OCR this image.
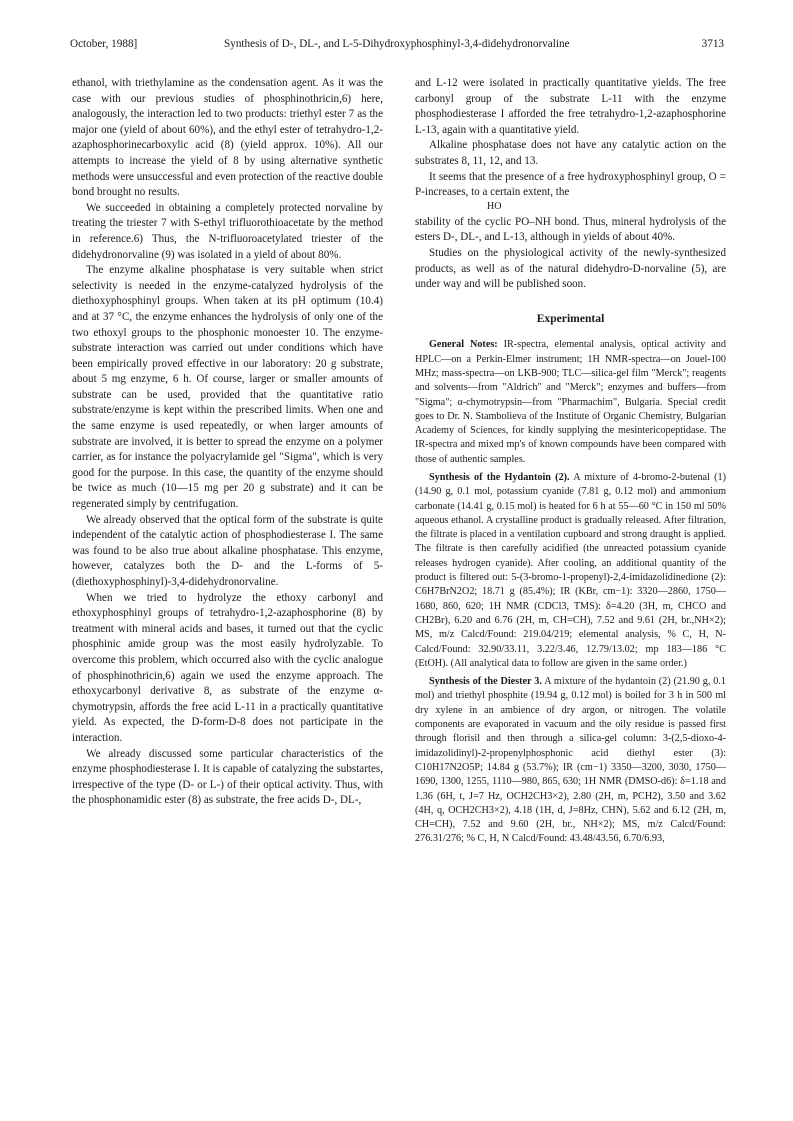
October, 1988]	Synthesis of D-, DL-, and L-5-Dihydroxyphosphinyl-3,4-didehydronorvaline	3713

ethanol, with triethylamine as the condensation agent. As it was the case with our previous studies of phosphinothricin,6) here, analogously, the interaction led to two products: triethyl ester 7 as the major one (yield of about 60%), and the ethyl ester of tetrahydro-1,2-azaphosphorinecarboxylic acid (8) (yield approx. 10%). All our attempts to increase the yield of 8 by using alternative synthetic methods were unsuccessful and even protection of the reactive double bond brought no results.

We succeeded in obtaining a completely protected norvaline by treating the triester 7 with S-ethyl trifluorothioacetate by the method in reference.6) Thus, the N-trifluoroacetylated triester of the didehydronorvaline (9) was isolated in a yield of about 80%.

The enzyme alkaline phosphatase is very suitable when strict selectivity is needed in the enzyme-catalyzed hydrolysis of the diethoxyphosphinyl groups. When taken at its pH optimum (10.4) and at 37 °C, the enzyme enhances the hydrolysis of only one of the two ethoxyl groups to the phosphonic monoester 10. The enzyme-substrate interaction was carried out under conditions which have been empirically proved effective in our laboratory: 20 g substrate, about 5 mg enzyme, 6 h. Of course, larger or smaller amounts of substrate can be used, provided that the quantitative ratio substrate/enzyme is kept within the prescribed limits. When one and the same enzyme is used repeatedly, or when larger amounts of substrate are involved, it is better to spread the enzyme on a polymer carrier, as for instance the polyacrylamide gel "Sigma", which is very good for the purpose. In this case, the quantity of the enzyme should be twice as much (10—15 mg per 20 g substrate) and it can be regenerated simply by centrifugation.

We already observed that the optical form of the substrate is quite independent of the catalytic action of phosphodiesterase I. The same was found to be also true about alkaline phosphatase. This enzyme, however, catalyzes both the D- and the L-forms of 5-(diethoxyphosphinyl)-3,4-didehydronorvaline.

When we tried to hydrolyze the ethoxy carbonyl and ethoxyphosphinyl groups of tetrahydro-1,2-azaphosphorine (8) by treatment with mineral acids and bases, it turned out that the cyclic phosphinic amide group was the most easily hydrolyzable. To overcome this problem, which occurred also with the cyclic analogue of phosphinothricin,6) again we used the enzyme approach. The ethoxycarbonyl derivative 8, as substrate of the enzyme α-chymotrypsin, affords the free acid L-11 in a practically quantitative yield. As expected, the D-form-D-8 does not participate in the interaction.

We already discussed some particular characteristics of the enzyme phosphodiesterase I. It is capable of catalyzing the substartes, irrespective of the type (D- or L-) of their optical activity. Thus, with the phosphonamidic ester (8) as substrate, the free acids D-, DL-,

and L-12 were isolated in practically quantitative yields. The free carbonyl group of the substrate L-11 with the enzyme phosphodiesterase I afforded the free tetrahydro-1,2-azaphosphorine L-13, again with a quantitative yield.

Alkaline phosphatase does not have any catalytic action on the substrates 8, 11, 12, and 13.

It seems that the presence of a free hydroxyphosphinyl group, O = P-increases, to a certain extent, the

HO

stability of the cyclic PO–NH bond. Thus, mineral hydrolysis of the esters D-, DL-, and L-13, although in yields of about 40%.

Studies on the physiological activity of the newly-synthesized products, as well as of the natural didehydro-D-norvaline (5), are under way and will be published soon.

Experimental

General Notes: IR-spectra, elemental analysis, optical activity and HPLC—on a Perkin-Elmer instrument; 1H NMR-spectra—on Jouel-100 MHz; mass-spectra—on LKB-900; TLC—silica-gel film "Merck"; reagents and solvents—from "Aldrich" and "Merck"; enzymes and buffers—from "Sigma"; α-chymotrypsin—from "Pharmachim", Bulgaria. Special credit goes to Dr. N. Stambolieva of the Institute of Organic Chemistry, Bulgarian Academy of Sciences, for kindly supplying the mesintericopeptidase. The IR-spectra and mixed mp's of known compounds have been compared with those of authentic samples.

Synthesis of the Hydantoin (2). A mixture of 4-bromo-2-butenal (1) (14.90 g, 0.1 mol, potassium cyanide (7.81 g, 0.12 mol) and ammonium carbonate (14.41 g, 0.15 mol) is heated for 6 h at 55—60 °C in 150 ml 50% aqueous ethanol. A crystalline product is gradually released. After filtration, the filtrate is placed in a ventilation cupboard and strong draught is applied. The filtrate is then carefully acidified (the unreacted potassium cyanide releases hydrogen cyanide). After cooling, an additional quantity of the product is filtered out: 5-(3-bromo-1-propenyl)-2,4-imidazolidinedione (2): C6H7BrN2O2; 18.71 g (85.4%); IR (KBr, cm−1): 3320—2860, 1750—1680, 860, 620; 1H NMR (CDCl3, TMS): δ=4.20 (3H, m, CHCO and CH2Br), 6.20 and 6.76 (2H, m, CH=CH), 7.52 and 9.61 (2H, br.,NH×2); MS, m/z Calcd/Found: 219.04/219; elemental analysis, % C, H, N-Calcd/Found: 32.90/33.11, 3.22/3.46, 12.79/13.02; mp 183—186 °C (EtOH). (All analytical data to follow are given in the same order.)

Synthesis of the Diester 3. A mixture of the hydantoin (2) (21.90 g, 0.1 mol) and triethyl phosphite (19.94 g, 0.12 mol) is boiled for 3 h in 500 ml dry xylene in an ambience of dry argon, or nitrogen. The volatile components are evaporated in vacuum and the oily residue is passed first through florisil and then through a silica-gel column: 3-(2,5-dioxo-4-imidazolidinyl)-2-propenylphosphonic acid diethyl ester (3): C10H17N2O5P; 14.84 g (53.7%); IR (cm−1) 3350—3200, 3030, 1750—1690, 1300, 1255, 1110—980, 865, 630; 1H NMR (DMSO-d6): δ=1.18 and 1.36 (6H, t, J=7 Hz, OCH2CH3×2), 2.80 (2H, m, PCH2), 3.50 and 3.62 (4H, q, OCH2CH3×2), 4.18 (1H, d, J=8Hz, CHN), 5.62 and 6.12 (2H, m, CH=CH), 7.52 and 9.60 (2H, br., NH×2); MS, m/z Calcd/Found: 276.31/276; % C, H, N Calcd/Found: 43.48/43.56, 6.70/6.93,
